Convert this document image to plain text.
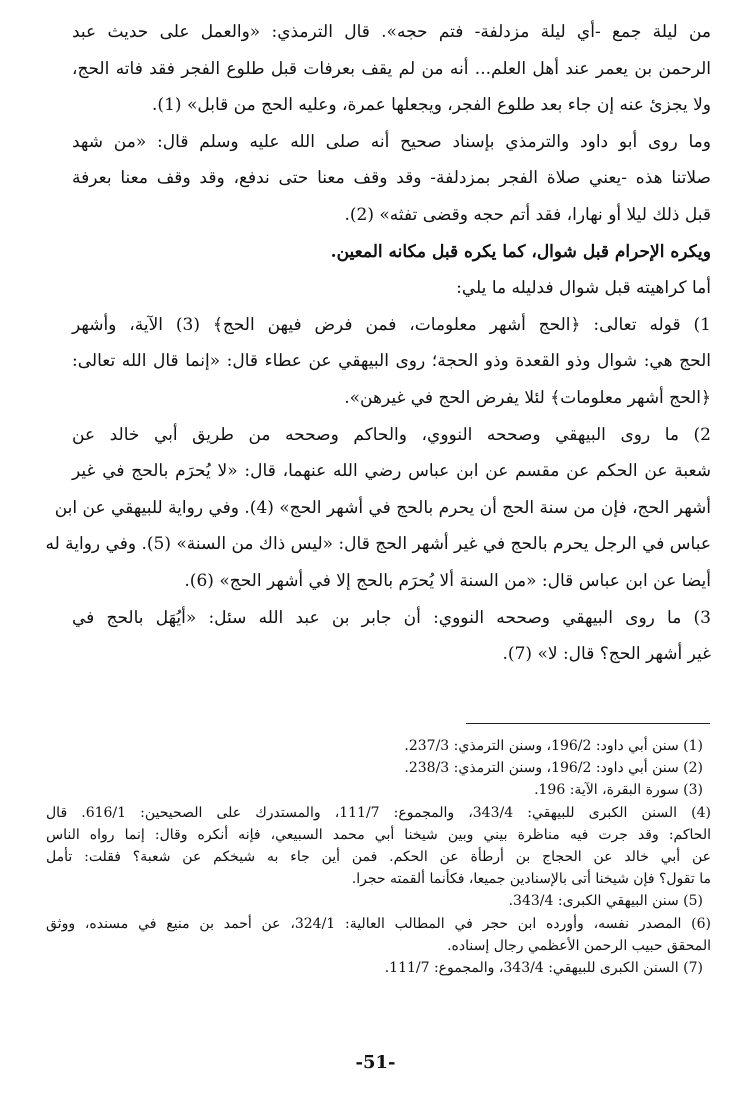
من ليلة جمع -أي ليلة مزدلفة- فتم حجه». قال الترمذي: «والعمل على حديث عبد
الرحمن بن يعمر عند أهل العلم... أنه من لم يقف بعرفات قبل طلوع الفجر فقد فاته الحج،
ولا يجزئ عنه إن جاء بعد طلوع الفجر، ويجعلها عمرة، وعليه الحج من قابل» (1).
وما روى أبو داود والترمذي بإسناد صحيح أنه صلى الله عليه وسلم قال: «من شهد
صلاتنا هذه -يعني صلاة الفجر بمزدلفة- وقد وقف معنا حتى ندفع، وقد وقف معنا بعرفة
قبل ذلك ليلا أو نهارا، فقد أتم حجه وقضى تفثه» (2).
ويكره الإحرام قبل شوال، كما يكره قبل مكانه المعين.
أما كراهيته قبل شوال فدليله ما يلي:
1) قوله تعالى: ﴿الحج أشهر معلومات، فمن فرض فيهن الحج﴾ (3) الآية، وأشهر
الحج هي: شوال وذو القعدة وذو الحجة؛ روى البيهقي عن عطاء قال: «إنما قال الله تعالى:
﴿الحج أشهر معلومات﴾ لئلا يفرض الحج في غيرهن».
2) ما روى البيهقي وصححه النووي، والحاكم وصححه من طريق أبي خالد عن
شعبة عن الحكم عن مقسم عن ابن عباس رضي الله عنهما، قال: «لا يُحرَم بالحج في غير
أشهر الحج، فإن من سنة الحج أن يحرم بالحج في أشهر الحج» (4). وفي رواية للبيهقي عن ابن
عباس في الرجل يحرم بالحج في غير أشهر الحج قال: «ليس ذاك من السنة» (5). وفي رواية له
أيضا عن ابن عباس قال: «من السنة ألا يُحرَم بالحج إلا في أشهر الحج» (6).
3) ما روى البيهقي وصححه النووي: أن جابر بن عبد الله سئل: «أيُهَل بالحج في
غير أشهر الحج؟ قال: لا» (7).
(1) سنن أبي داود: 196/2، وسنن الترمذي: 237/3.
(2) سنن أبي داود: 196/2، وسنن الترمذي: 238/3.
(3) سورة البقرة، الآية: 196.
(4) السنن الكبرى للبيهقي: 343/4، والمجموع: 111/7، والمستدرك على الصحيحين: 616/1. قال
الحاكم: وقد جرت فيه مناظرة بيني وبين شيخنا أبي محمد السبيعي، فإنه أنكره وقال: إنما رواه الناس
عن أبي خالد عن الحجاج بن أرطأة عن الحكم. فمن أين جاء به شيخكم عن شعبة؟ فقلت: تأمل
ما تقول؟ فإن شيخنا أتى بالإسنادين جميعا، فكأنما ألقمته حجرا.
(5) سنن البيهقي الكبرى: 343/4.
(6) المصدر نفسه، وأورده ابن حجر في المطالب العالية: 324/1، عن أحمد بن منيع في مسنده، ووثق
المحقق حبيب الرحمن الأعظمي رجال إسناده.
(7) السنن الكبرى للبيهقي: 343/4، والمجموع: 111/7.
-51-
